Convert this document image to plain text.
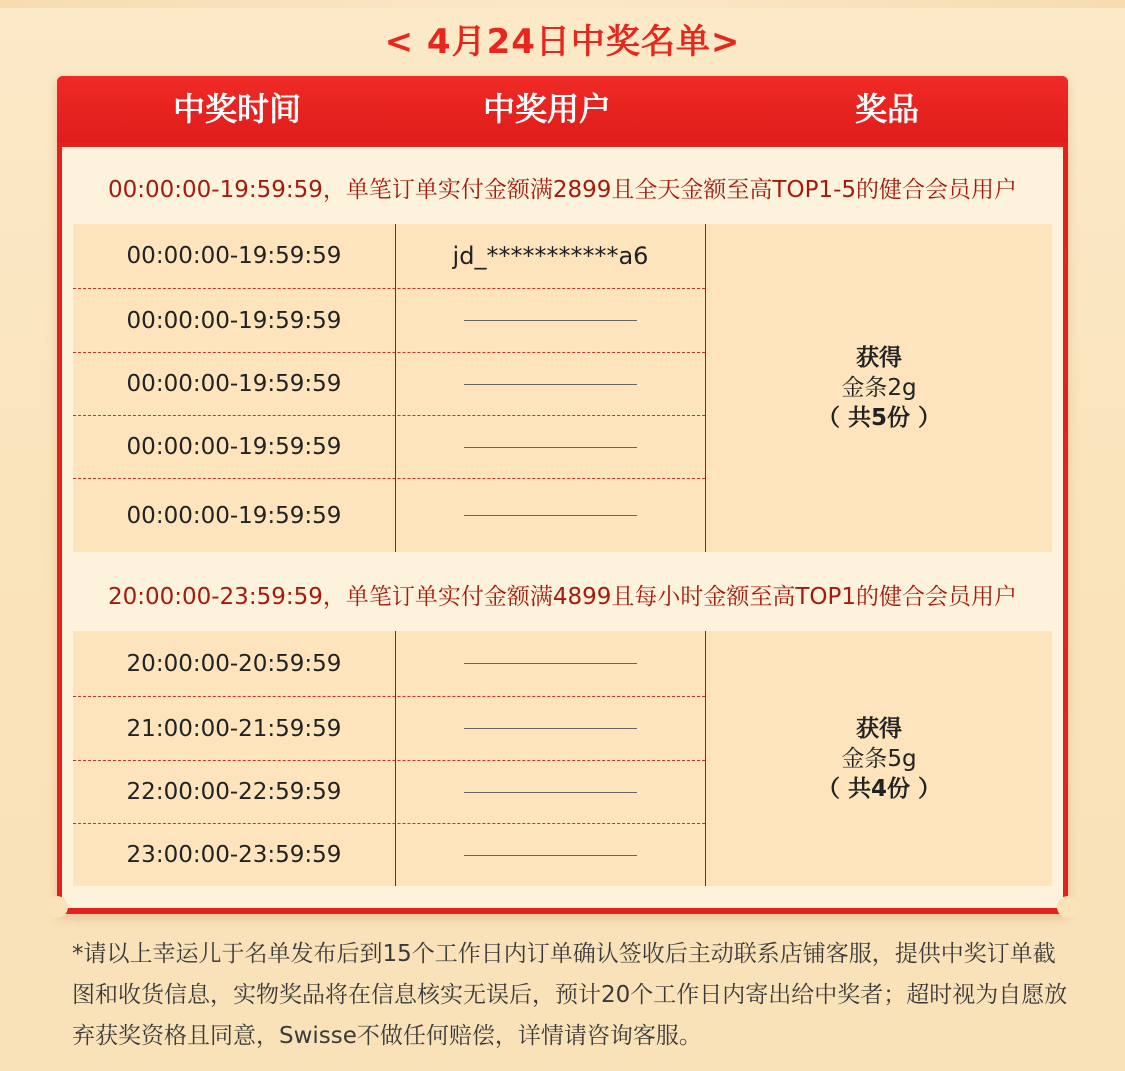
< 4月24日中奖名单>
中奖时间	中奖用户	奖品
00:00:00-19:59:59，单笔订单实付金额满2899且全天金额至高TOP1-5的健合会员用户
00:00:00-19:59:59	jd_***********a6
00:00:00-19:59:59
00:00:00-19:59:59
00:00:00-19:59:59
00:00:00-19:59:59
获得
金条2g
（ 共5份 ）
20:00:00-23:59:59，单笔订单实付金额满4899且每小时金额至高TOP1的健合会员用户
20:00:00-20:59:59
21:00:00-21:59:59
22:00:00-22:59:59
23:00:00-23:59:59
获得
金条5g
（ 共4份 ）
*请以上幸运儿于名单发布后到15个工作日内订单确认签收后主动联系店铺客服，提供中奖订单截图和收货信息，实物奖品将在信息核实无误后，预计20个工作日内寄出给中奖者；超时视为自愿放弃获奖资格且同意，Swisse不做任何赔偿，详情请咨询客服。
